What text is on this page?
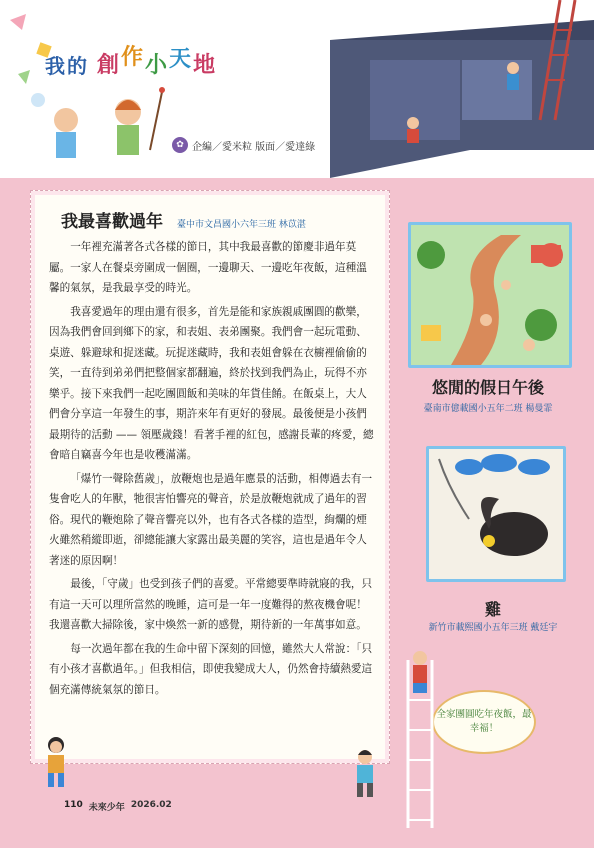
我 的 創 作 小 天 地
✿ 企編／愛米粒 版面／愛達綠
我最喜歡過年 臺中市文昌國小六年三班 林苡湛

一年裡充滿著各式各樣的節日，其中我最喜歡的節慶非過年莫屬。一家人在餐桌旁圍成一個圈，一邊聊天、一邊吃年夜飯，這種溫馨的氣氛，是我最享受的時光。

我喜愛過年的理由還有很多，首先是能和家族親戚團圓的歡樂，因為我們會回到鄉下的家，和表姐、表弟團聚。我們會一起玩電動、桌遊、躲避球和捉迷藏。玩捉迷藏時，我和表姐會躲在衣櫥裡偷偷的笑，一直待到弟弟們把整個家都翻遍，終於找到我們為止，玩得不亦樂乎。接下來我們一起吃團圓飯和美味的年貨佳餚。在飯桌上，大人們會分享這一年發生的事，期許來年有更好的發展。最後便是小孩們最期待的活動 —— 領壓歲錢！看著手裡的紅包，感謝長輩的疼愛，總會暗自竊喜今年也是收穫滿滿。

「爆竹一聲除舊歲」，放鞭炮也是過年應景的活動，相傳過去有一隻會吃人的年獸，牠很害怕響亮的聲音，於是放鞭炮就成了過年的習俗。現代的鞭炮除了聲音響亮以外，也有各式各樣的造型，絢爛的煙火雖然稍縱即逝，卻總能讓大家露出最美麗的笑容，這也是過年令人著迷的原因啊！

最後，「守歲」也受到孩子們的喜愛。平常總要準時就寢的我，只有這一天可以理所當然的晚睡，這可是一年一度難得的熬夜機會呢！我還喜歡大掃除後，家中煥然一新的感覺，期待新的一年萬事如意。

每一次過年都在我的生命中留下深刻的回憶，雖然大人常說：「只有小孩才喜歡過年。」但我相信，即使我變成大人，仍然會持續熱愛這個充滿傳統氣氛的節日。

悠閒的假日午後
臺南市億載國小五年二班 楊曼霏
雞
新竹市載熙國小五年三班 戴廷宇
全家團圓吃年夜飯，最幸福！
110 未來少年 2026.02
